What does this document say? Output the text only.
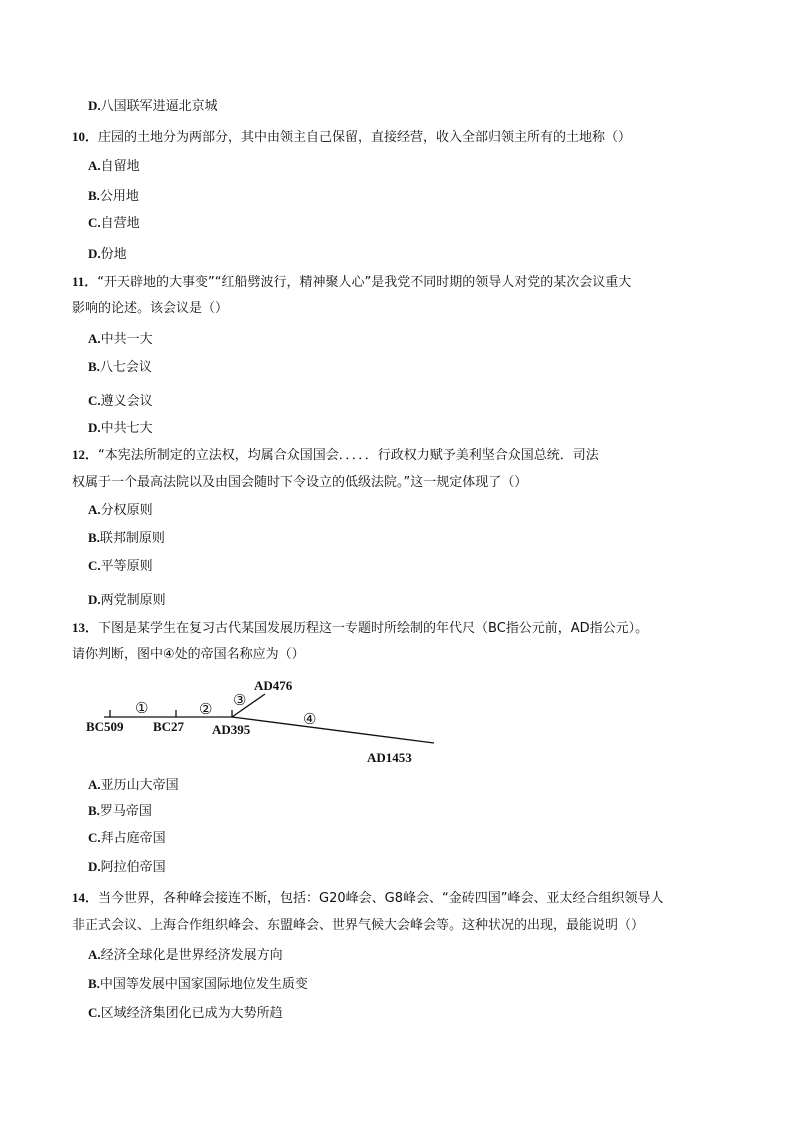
D.八国联军进逼北京城
10．庄园的土地分为两部分，其中由领主自己保留，直接经营，收入全部归领主所有的土地称（）
A.自留地
B.公用地
C.自营地
D.份地
11．“开天辟地的大事变”“红船劈波行，精神聚人心”是我党不同时期的领导人对党的某次会议重大
影响的论述。该会议是（）
A.中共一大
B.八七会议
C.遵义会议
D.中共七大
12．“本宪法所制定的立法权，均属合众国国会．．．．．行政权力赋予美利坚合众国总统．司法
权属于一个最高法院以及由国会随时下令设立的低级法院。”这一规定体现了（）
A.分权原则
B.联邦制原则
C.平等原则
D.两党制原则
13．下图是某学生在复习古代某国发展历程这一专题时所绘制的年代尺（BC指公元前，AD指公元）。
请你判断，图中④处的帝国名称应为（）
BC509 BC27 AD395
AD476
AD1453
①	②
③
④
A.亚历山大帝国
B.罗马帝国
C.拜占庭帝国
D.阿拉伯帝国
14．当今世界，各种峰会接连不断，包括：G20峰会、G8峰会、“金砖四国”峰会、亚太经合组织领导人
非正式会议、上海合作组织峰会、东盟峰会、世界气候大会峰会等。这种状况的出现，最能说明（）
A.经济全球化是世界经济发展方向
B.中国等发展中国家国际地位发生质变
C.区域经济集团化已成为大势所趋
